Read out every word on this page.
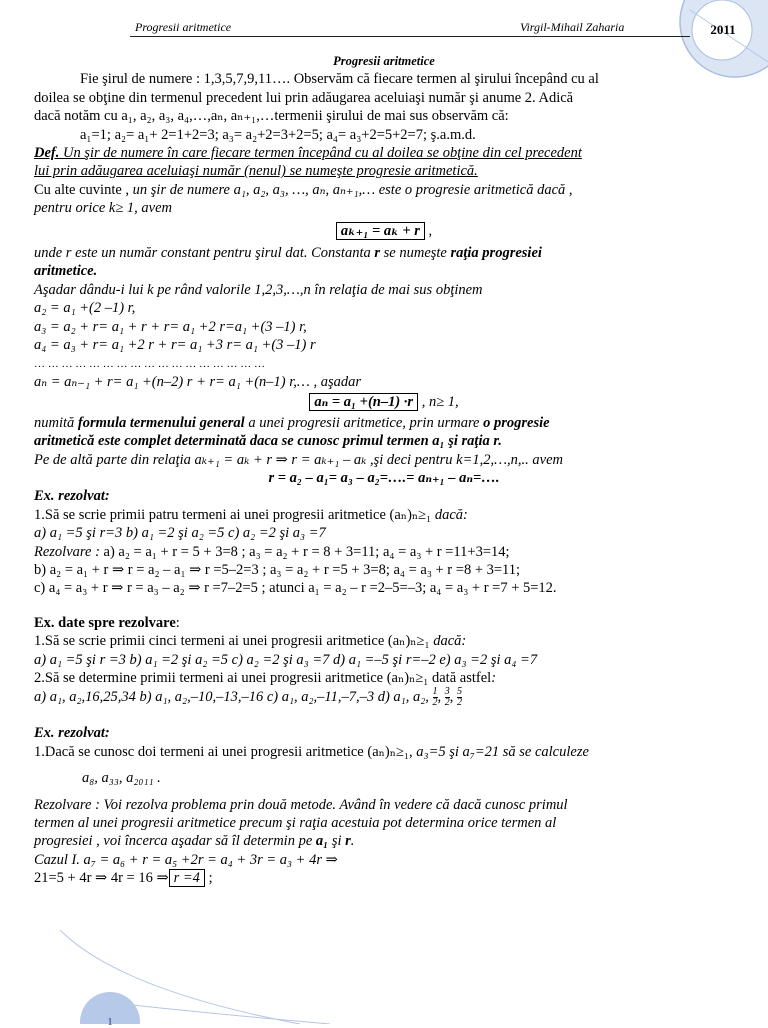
Progresii aritmetice	Virgil-Mihail Zaharia	2011
1
Progresii aritmetice
Fie şirul de numere : 1,3,5,7,9,11…. Observăm că fiecare termen al şirului începând cu al
doilea se obţine din termenul precedent lui prin adăugarea aceluiaşi număr şi anume 2. Adică
dacă notăm cu a₁, a₂, a₃, a₄,…,aₙ, aₙ₊₁,…termenii şirului de mai sus observăm că:
a₁=1; a₂= a₁+ 2=1+2=3; a₃= a₂+2=3+2=5; a₄= a₃+2=5+2=7; ş.a.m.d.
Def. Un şir de numere în care fiecare termen începând cu al doilea se obţine din cel precedent
lui prin adăugarea aceluiaşi număr (nenul) se numeşte progresie aritmetică.
Cu alte cuvinte , un şir de numere a₁, a₂, a₃, …, aₙ, aₙ₊₁,… este o progresie aritmetică dacă ,
pentru orice k≥ 1, avem
aₖ₊₁ = aₖ + r ,
unde r este un număr constant pentru şirul dat. Constanta r se numeşte raţia progresiei
aritmetice.
Aşadar dându-i lui k pe rând valorile 1,2,3,…,n în relaţia de mai sus obţinem
a₂ = a₁ +(2 –1) r,
a₃ = a₂ + r= a₁ + r + r= a₁ +2 r=a₁ +(3 –1) r,
a₄ = a₃ + r= a₁ +2 r + r= a₁ +3 r= a₁ +(3 –1) r
… … … … … … … … … … … … … … … … …
aₙ = aₙ₋₁ + r= a₁ +(n–2) r + r= a₁ +(n–1) r,… , aşadar
aₙ = a₁ +(n–1) ·r , n≥ 1,
numită formula termenului general a unei progresii aritmetice, prin urmare o progresie
aritmetică este complet determinată daca se cunosc primul termen a₁ şi raţia r.
Pe de altă parte din relaţia aₖ₊₁ = aₖ + r ⇒ r = aₖ₊₁ – aₖ ,şi deci pentru k=1,2,…,n,.. avem
r = a₂ – a₁= a₃ – a₂=….= aₙ₊₁ – aₙ=….
Ex. rezolvat:
1.Să se scrie primii patru termeni ai unei progresii aritmetice (aₙ)ₙ≥₁ dacă:
a) a₁ =5 şi r=3 b) a₁ =2 şi a₂ =5 c) a₂ =2 şi a₃ =7
Rezolvare : a) a₂ = a₁ + r = 5 + 3=8 ; a₃ = a₂ + r = 8 + 3=11; a₄ = a₃ + r =11+3=14;
b) a₂ = a₁ + r ⇒ r = a₂ – a₁ ⇒ r =5–2=3 ; a₃ = a₂ + r =5 + 3=8; a₄ = a₃ + r =8 + 3=11;
c) a₄ = a₃ + r ⇒ r = a₃ – a₂ ⇒ r =7–2=5 ; atunci a₁ = a₂ – r =2–5=–3; a₄ = a₃ + r =7 + 5=12.
Ex. date spre rezolvare:
1.Să se scrie primii cinci termeni ai unei progresii aritmetice (aₙ)ₙ≥₁ dacă:
a) a₁ =5 şi r =3 b) a₁ =2 şi a₂ =5 c) a₂ =2 şi a₃ =7 d) a₁ =–5 şi r=–2 e) a₃ =2 şi a₄ =7
2.Să se determine primii termeni ai unei progresii aritmetice (aₙ)ₙ≥₁ dată astfel:
a) a₁, a₂,16,25,34 b) a₁, a₂,–10,–13,–16 c) a₁, a₂,–11,–7,–3 d) a₁, a₂, $\frac{1}{2}$ , $\frac{3}{2}$ , $\frac{5}{2}$
Ex. rezolvat:
1.Dacă se cunosc doi termeni ai unei progresii aritmetice (aₙ)ₙ≥₁, a₃=5 şi a₇=21 să se calculeze
a₈, a₃₃, a₂₀₁₁ .
Rezolvare : Voi rezolva problema prin două metode. Având în vedere că dacă cunosc primul
termen al unei progresii aritmetice precum şi raţia acestuia pot determina orice termen al
progresiei , voi încerca aşadar să îl determin pe a₁ şi r.
Cazul I. a₇ = a₆ + r = a₅ +2r = a₄ + 3r = a₃ + 4r ⇒
21=5 + 4r ⇒ 4r = 16 ⇒ r =4 ;
